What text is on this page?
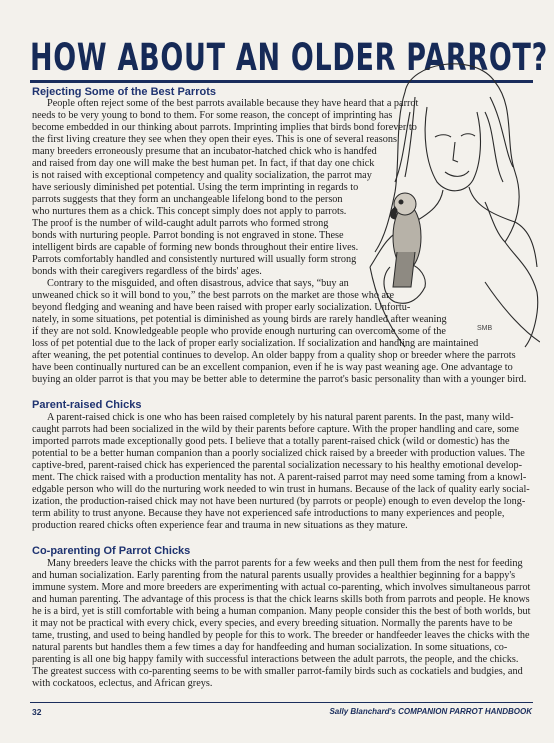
HOW ABOUT AN OLDER PARROT?
SMB
Rejecting Some of the Best Parrots
People often reject some of the best parrots available because they have heard that a parrot
needs to be very young to bond to them. For some reason, the concept of imprinting has
become embedded in our thinking about parrots. Imprinting implies that birds bond forever to
the first living creature they see when they open their eyes. This is one of several reasons
many breeders erroneously presume that an incubator-hatched chick who is handfed
and raised from day one will make the best human pet. In fact, if that day one chick
is not raised with exceptional competency and quality socialization, the parrot may
have seriously diminished pet potential. Using the term imprinting in regards to
parrots suggests that they form an unchangeable lifelong bond to the person
who nurtures them as a chick. This concept simply does not apply to parrots.
The proof is the number of wild-caught adult parrots who formed strong
bonds with nurturing people. Parrot bonding is not engraved in stone. These
intelligent birds are capable of forming new bonds throughout their entire lives.
Parrots comfortably handled and consistently nurtured will usually form strong
bonds with their caregivers regardless of the birds' ages.
Contrary to the misguided, and often disastrous, advice that says, “buy an
unweaned chick so it will bond to you,” the best parrots on the market are those who are
beyond fledging and weaning and have been raised with proper early socialization. Unfortu-
nately, in some situations, pet potential is diminished as young birds are rarely handled after weaning
if they are not sold. Knowledgeable people who provide enough nurturing can overcome some of the
loss of pet potential due to the lack of proper early socialization. If socialization and handling are maintained
after weaning, the pet potential continues to develop. An older bappy from a quality shop or breeder where the parrots
have been continually nurtured can be an excellent companion, even if he is way past weaning age. One advantage to
buying an older parrot is that you may be better able to determine the parrot's basic personality than with a younger bird.
Parent-raised Chicks
A parent-raised chick is one who has been raised completely by his natural parent parents. In the past, many wild-
caught parrots had been socialized in the wild by their parents before capture. With the proper handling and care, some
imported parrots made exceptionally good pets. I believe that a totally parent-raised chick (wild or domestic) has the
potential to be a better human companion than a poorly socialized chick raised by a breeder with production values. The
captive-bred, parent-raised chick has experienced the parental socialization necessary to his healthy emotional develop-
ment. The chick raised with a production mentality has not. A parent-raised parrot may need some taming from a knowl-
edgable person who will do the nurturing work needed to win trust in humans. Because of the lack of quality early social-
ization, the production-raised chick may not have been nurtured (by parrots or people) enough to even develop the long-
term ability to trust anyone. Because they have not experienced safe introductions to many experiences and people,
production reared chicks often experience fear and trauma in new situations as they mature.
Co-parenting Of Parrot Chicks
Many breeders leave the chicks with the parrot parents for a few weeks and then pull them from the nest for feeding
and human socialization. Early parenting from the natural parents usually provides a healthier beginning for a bappy's
immune system. More and more breeders are experimenting with actual co-parenting, which involves simultaneous parrot
and human parenting. The advantage of this process is that the chick learns skills both from parrots and people. He knows
he is a bird, yet is still comfortable with being a human companion. Many people consider this the best of both worlds, but
it may not be practical with every chick, every species, and every breeding situation. Normally the parents have to be
tame, trusting, and used to being handled by people for this to work. The breeder or handfeeder leaves the chicks with the
natural parents but handles them a few times a day for handfeeding and human socialization. In some situations, co-
parenting is all one big happy family with successful interactions between the adult parrots, the people, and the chicks.
The greatest success with co-parenting seems to be with smaller parrot-family birds such as cockatiels and budgies, and
with cockatoos, eclectus, and African greys.
32	Sally Blanchard's COMPANION PARROT HANDBOOK
